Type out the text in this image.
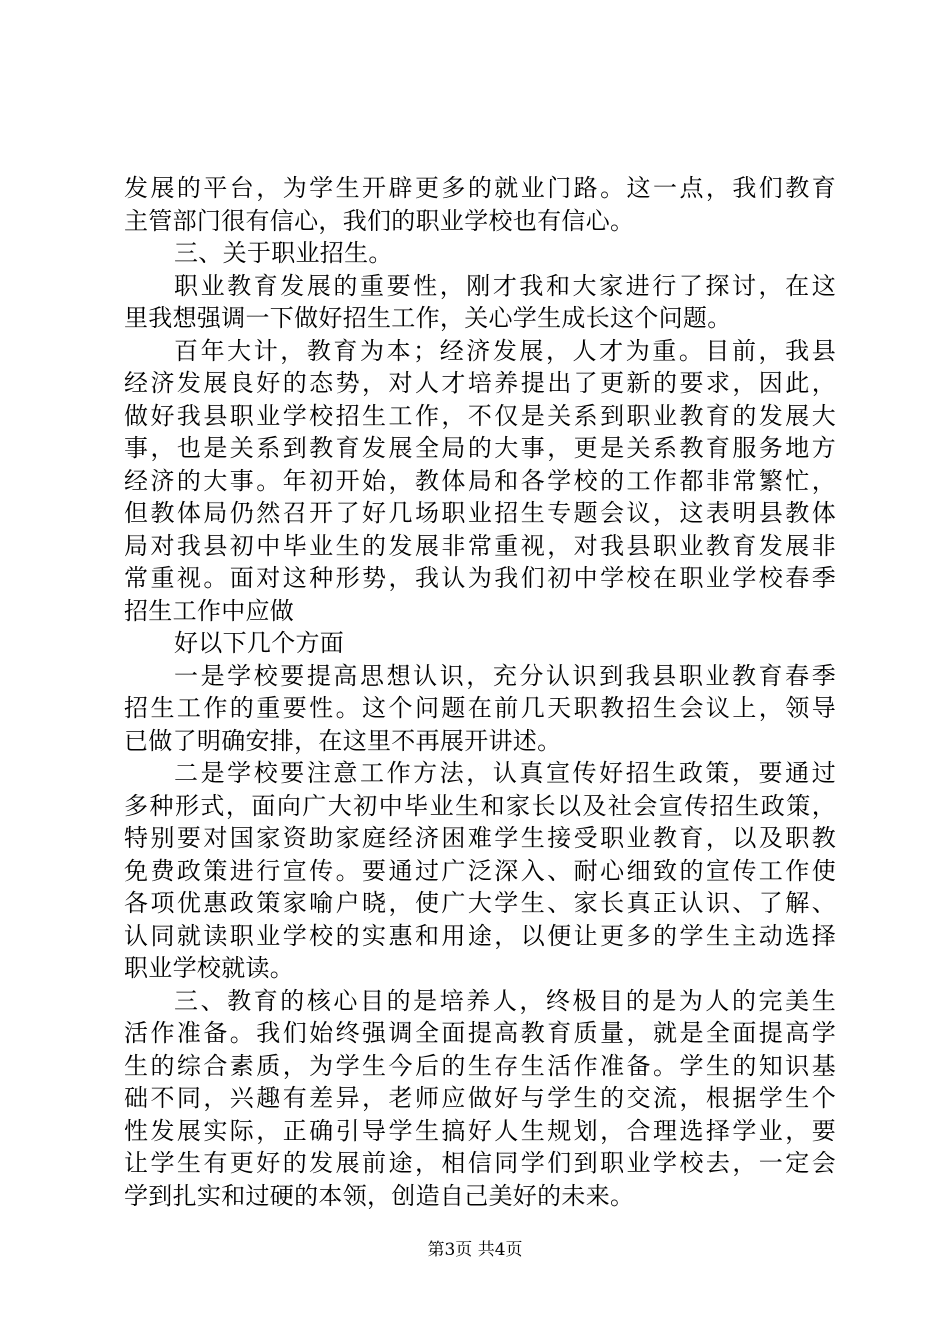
发展的平台，为学生开辟更多的就业门路。这一点，我们教育
主管部门很有信心，我们的职业学校也有信心。
三、关于职业招生。
职业教育发展的重要性，刚才我和大家进行了探讨，在这
里我想强调一下做好招生工作，关心学生成长这个问题。
百年大计，教育为本；经济发展，人才为重。目前，我县
经济发展良好的态势，对人才培养提出了更新的要求，因此，
做好我县职业学校招生工作，不仅是关系到职业教育的发展大
事，也是关系到教育发展全局的大事，更是关系教育服务地方
经济的大事。年初开始，教体局和各学校的工作都非常繁忙，
但教体局仍然召开了好几场职业招生专题会议，这表明县教体
局对我县初中毕业生的发展非常重视，对我县职业教育发展非
常重视。面对这种形势，我认为我们初中学校在职业学校春季
招生工作中应做
好以下几个方面
一是学校要提高思想认识，充分认识到我县职业教育春季
招生工作的重要性。这个问题在前几天职教招生会议上，领导
已做了明确安排，在这里不再展开讲述。
二是学校要注意工作方法，认真宣传好招生政策，要通过
多种形式，面向广大初中毕业生和家长以及社会宣传招生政策，
特别要对国家资助家庭经济困难学生接受职业教育，以及职教
免费政策进行宣传。要通过广泛深入、耐心细致的宣传工作使
各项优惠政策家喻户晓，使广大学生、家长真正认识、了解、
认同就读职业学校的实惠和用途，以便让更多的学生主动选择
职业学校就读。
三、教育的核心目的是培养人，终极目的是为人的完美生
活作准备。我们始终强调全面提高教育质量，就是全面提高学
生的综合素质，为学生今后的生存生活作准备。学生的知识基
础不同，兴趣有差异，老师应做好与学生的交流，根据学生个
性发展实际，正确引导学生搞好人生规划，合理选择学业，要
让学生有更好的发展前途，相信同学们到职业学校去，一定会
学到扎实和过硬的本领，创造自己美好的未来。
第3页 共4页
